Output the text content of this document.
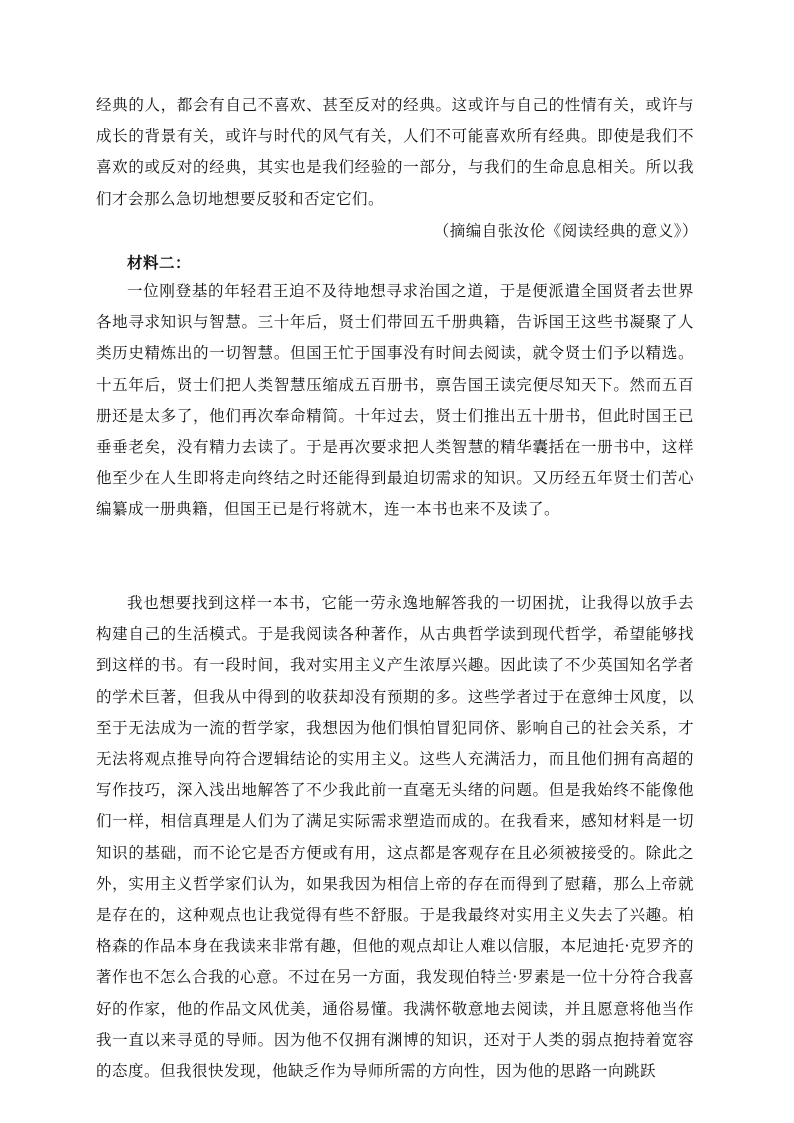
经典的人，都会有自己不喜欢、甚至反对的经典。这或许与自己的性情有关，或许与成长的背景有关，或许与时代的风气有关，人们不可能喜欢所有经典。即使是我们不喜欢的或反对的经典，其实也是我们经验的一部分，与我们的生命息息相关。所以我们才会那么急切地想要反驳和否定它们。

（摘编自张汝伦《阅读经典的意义》）

材料二：

一位刚登基的年轻君王迫不及待地想寻求治国之道，于是便派遣全国贤者去世界各地寻求知识与智慧。三十年后，贤士们带回五千册典籍，告诉国王这些书凝聚了人类历史精炼出的一切智慧。但国王忙于国事没有时间去阅读，就令贤士们予以精选。十五年后，贤士们把人类智慧压缩成五百册书，禀告国王读完便尽知天下。然而五百册还是太多了，他们再次奉命精简。十年过去，贤士们推出五十册书，但此时国王已垂垂老矣，没有精力去读了。于是再次要求把人类智慧的精华囊括在一册书中，这样他至少在人生即将走向终结之时还能得到最迫切需求的知识。又历经五年贤士们苦心编纂成一册典籍，但国王已是行将就木，连一本书也来不及读了。

我也想要找到这样一本书，它能一劳永逸地解答我的一切困扰，让我得以放手去构建自己的生活模式。于是我阅读各种著作，从古典哲学读到现代哲学，希望能够找到这样的书。有一段时间，我对实用主义产生浓厚兴趣。因此读了不少英国知名学者的学术巨著，但我从中得到的收获却没有预期的多。这些学者过于在意绅士风度，以至于无法成为一流的哲学家，我想因为他们惧怕冒犯同侪、影响自己的社会关系，才无法将观点推导向符合逻辑结论的实用主义。这些人充满活力，而且他们拥有高超的写作技巧，深入浅出地解答了不少我此前一直毫无头绪的问题。但是我始终不能像他们一样，相信真理是人们为了满足实际需求塑造而成的。在我看来，感知材料是一切知识的基础，而不论它是否方便或有用，这点都是客观存在且必须被接受的。除此之外，实用主义哲学家们认为，如果我因为相信上帝的存在而得到了慰藉，那么上帝就是存在的，这种观点也让我觉得有些不舒服。于是我最终对实用主义失去了兴趣。柏格森的作品本身在我读来非常有趣，但他的观点却让人难以信服，本尼迪托·克罗齐的著作也不怎么合我的心意。不过在另一方面，我发现伯特兰·罗素是一位十分符合我喜好的作家，他的作品文风优美，通俗易懂。我满怀敬意地去阅读，并且愿意将他当作我一直以来寻觅的导师。因为他不仅拥有渊博的知识，还对于人类的弱点抱持着宽容的态度。但我很快发现，他缺乏作为导师所需的方向性，因为他的思路一向跳跃
